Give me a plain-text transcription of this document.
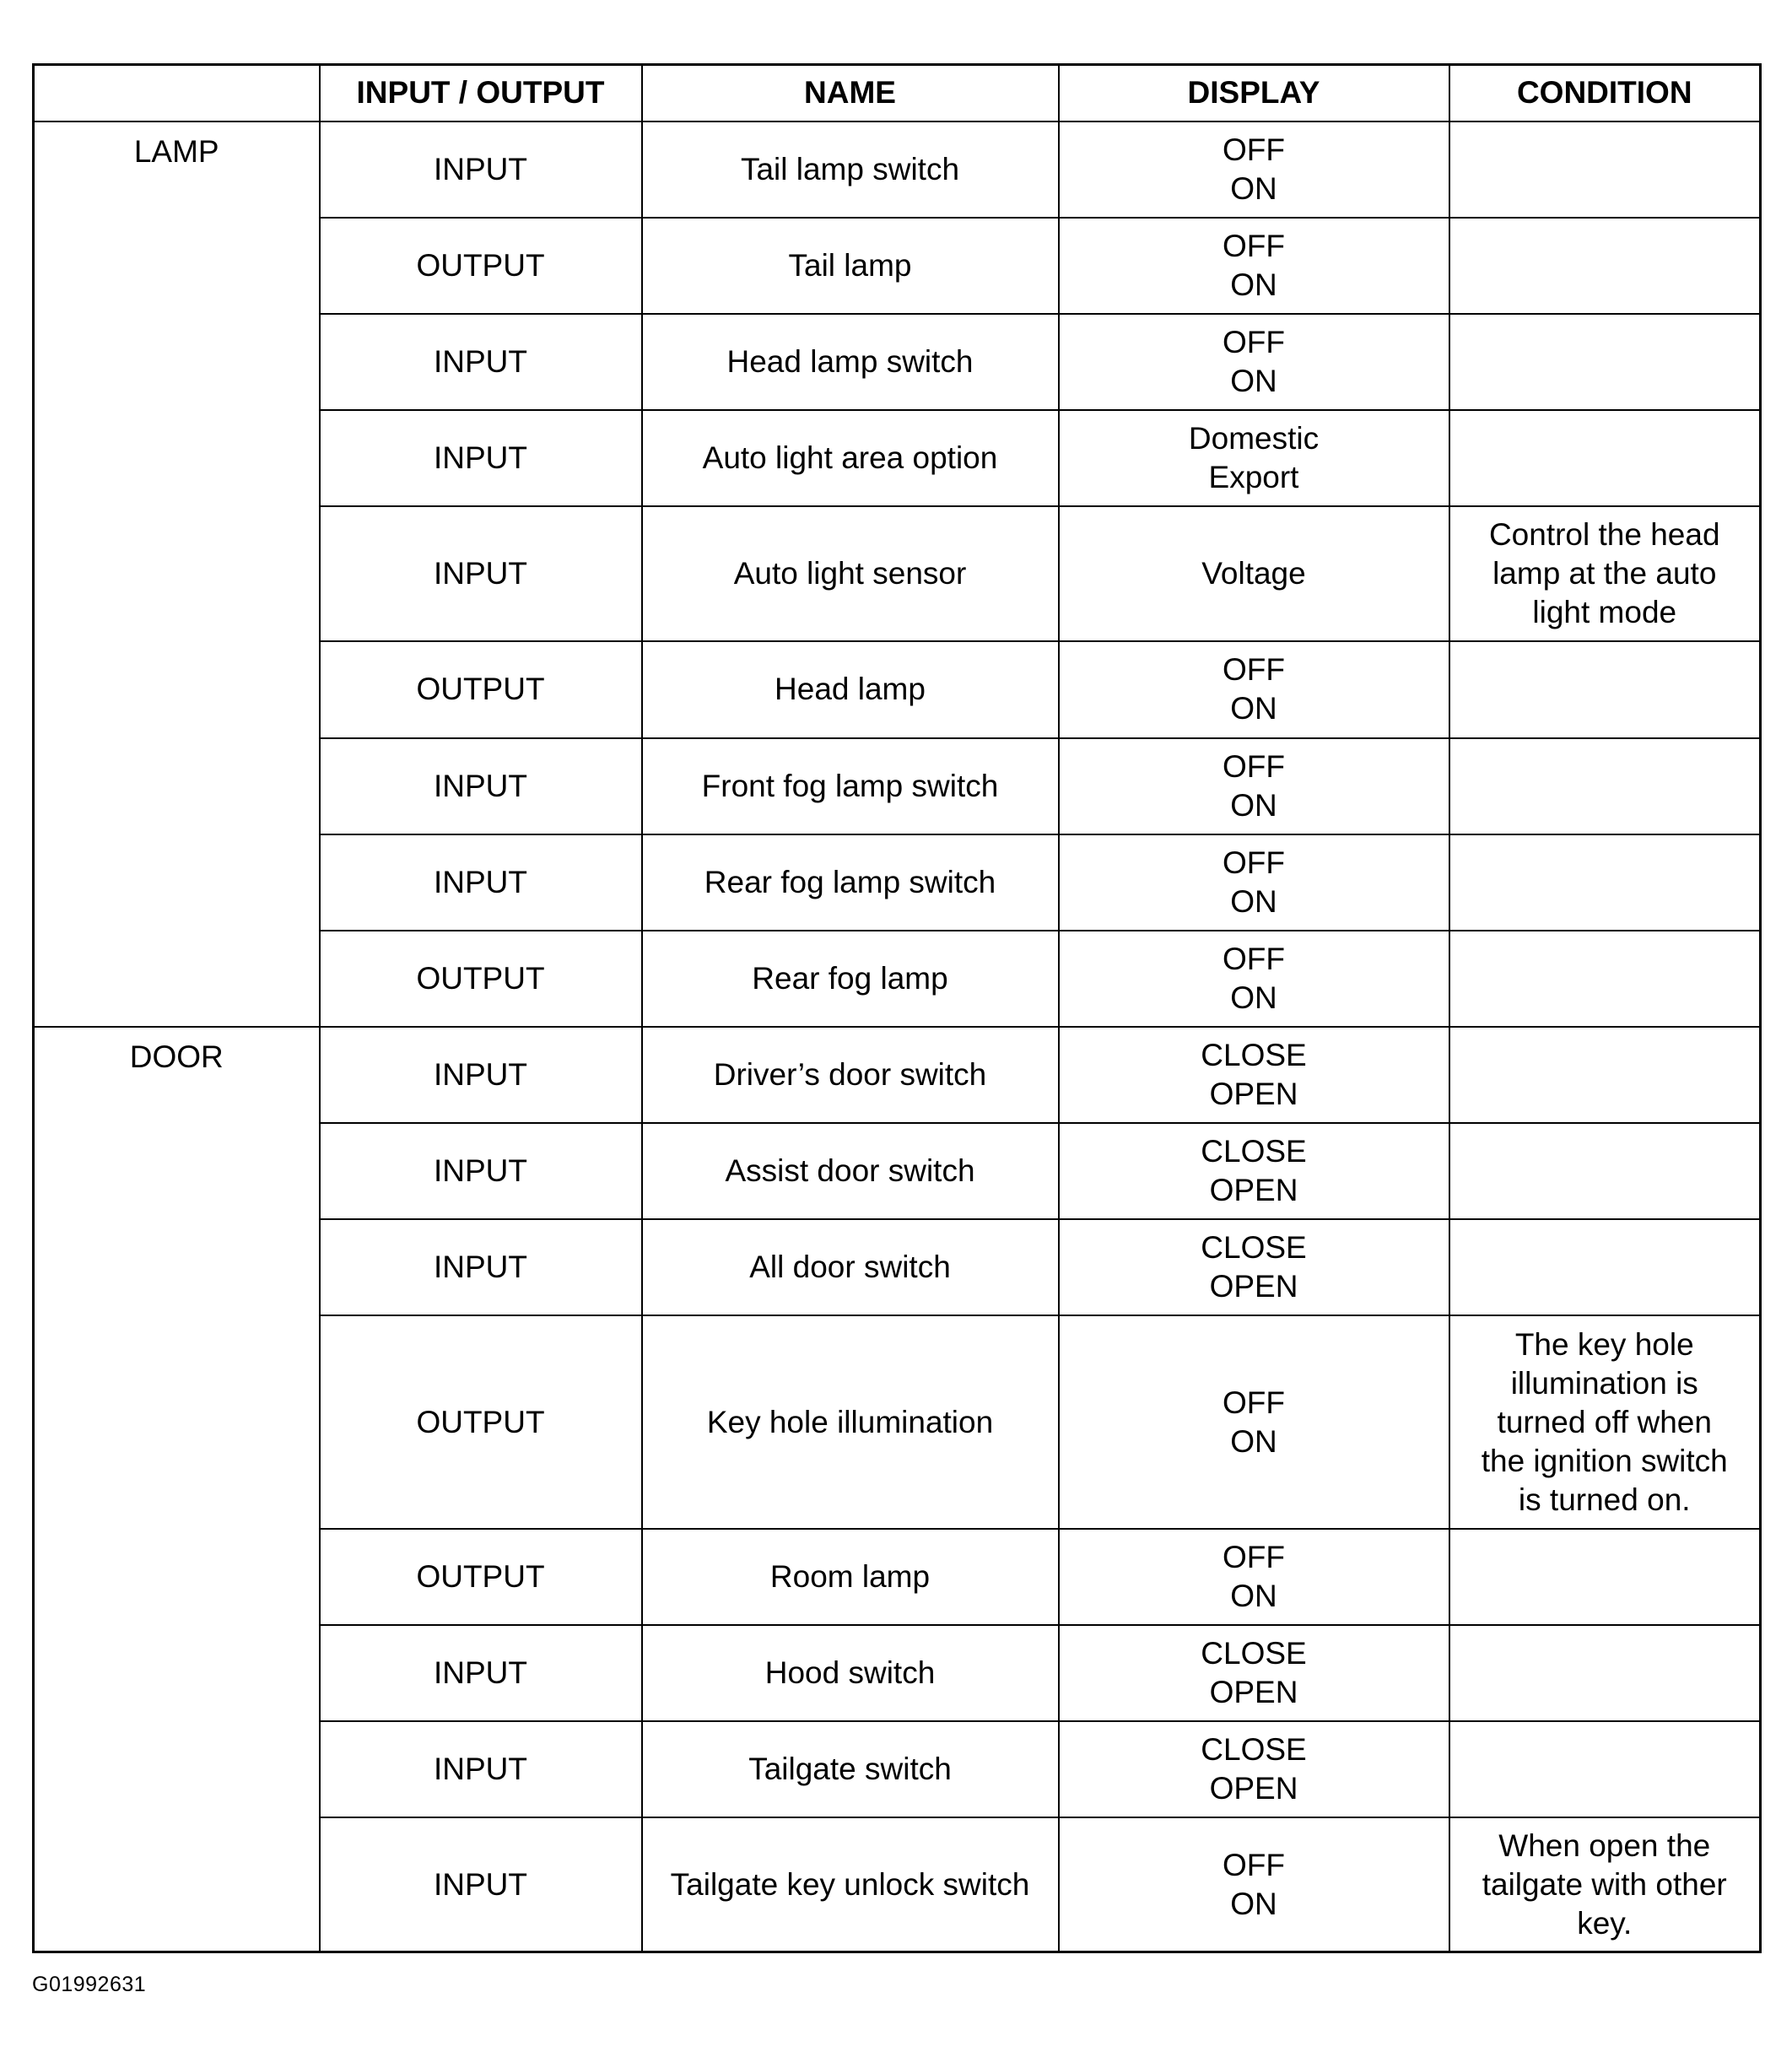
	INPUT / OUTPUT	NAME	DISPLAY	CONDITION

LAMP	INPUT	Tail lamp switch	OFF
ON	

	OUTPUT	Tail lamp	OFF
ON	

	INPUT	Head lamp switch	OFF
ON	

	INPUT	Auto light area option	Domestic
Export	

	INPUT	Auto light sensor	Voltage	Control the head
lamp at the auto
light mode

	OUTPUT	Head lamp	OFF
ON	

	INPUT	Front fog lamp switch	OFF
ON	

	INPUT	Rear fog lamp switch	OFF
ON	

	OUTPUT	Rear fog lamp	OFF
ON	

DOOR	INPUT	Driver’s door switch	CLOSE
OPEN	

	INPUT	Assist door switch	CLOSE
OPEN	

	INPUT	All door switch	CLOSE
OPEN	

	OUTPUT	Key hole illumination	OFF
ON	The key hole
illumination is
turned off when
the ignition switch
is turned on.

	OUTPUT	Room lamp	OFF
ON	

	INPUT	Hood switch	CLOSE
OPEN	

	INPUT	Tailgate switch	CLOSE
OPEN	

	INPUT	Tailgate key unlock switch	OFF
ON	When open the
tailgate with other
key.
G01992631
